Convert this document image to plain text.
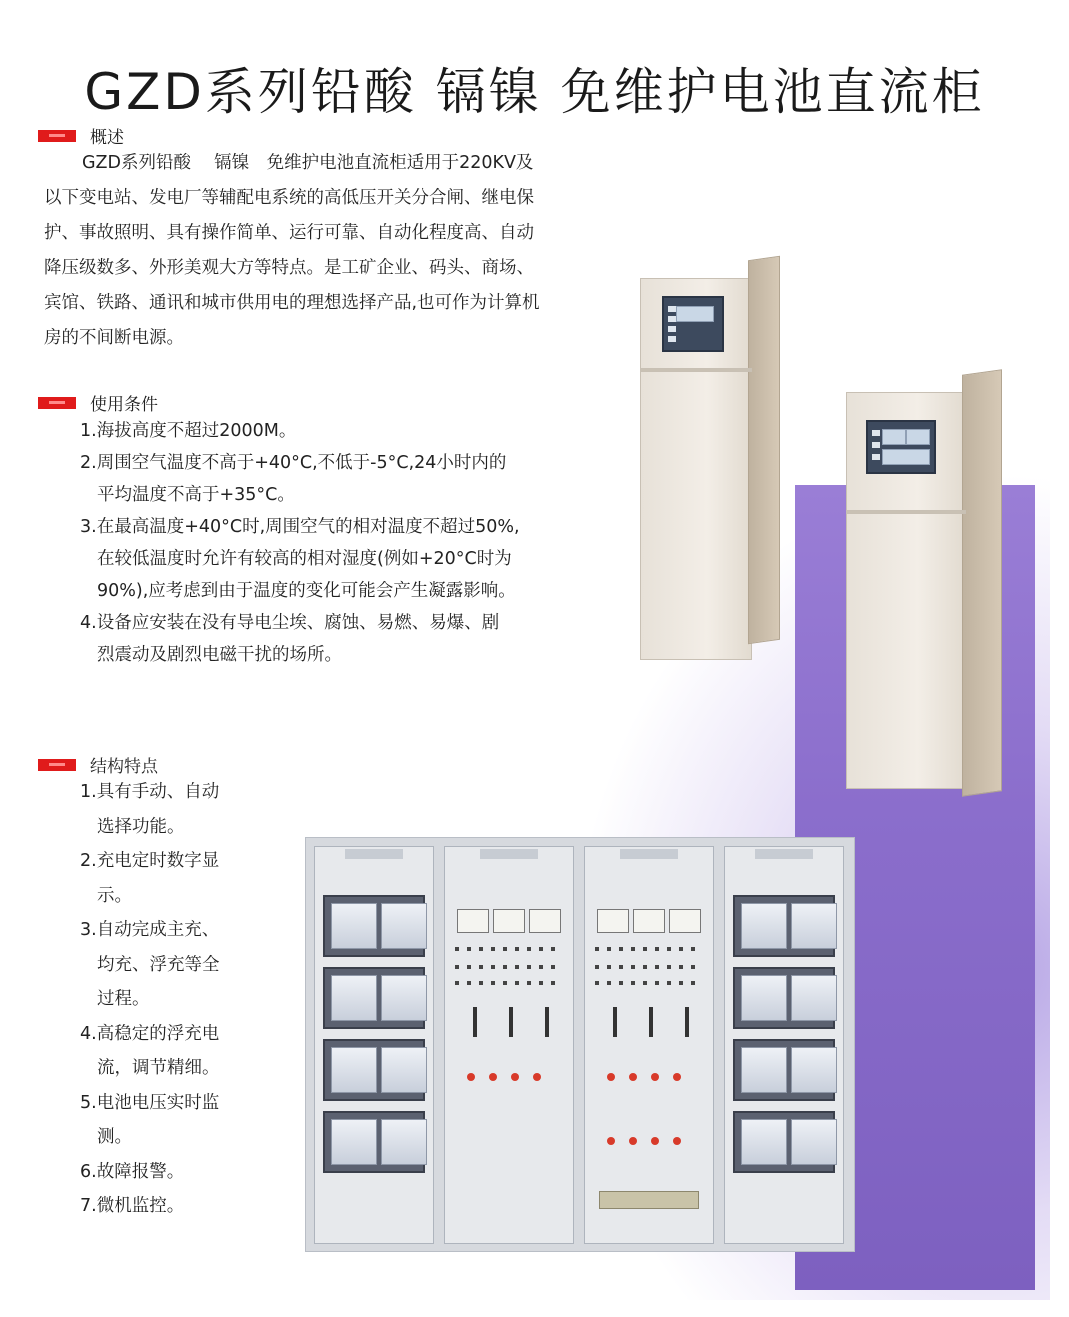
GZD系列铅酸 镉镍 免维护电池直流柜
概述
GZD系列铅酸　 镉镍　免维护电池直流柜适用于220KV及
以下变电站、发电厂等辅配电系统的高低压开关分合闸、继电保
护、事故照明、具有操作简单、运行可靠、自动化程度高、自动
降压级数多、外形美观大方等特点。是工矿企业、码头、商场、
宾馆、铁路、通讯和城市供用电的理想选择产品,也可作为计算机
房的不间断电源。
使用条件
1.海拔高度不超过2000M。
2.周围空气温度不高于+40°C,不低于-5°C,24小时内的
平均温度不高于+35°C。
3.在最高温度+40°C时,周围空气的相对温度不超过50%,
在较低温度时允许有较高的相对湿度(例如+20°C时为
90%),应考虑到由于温度的变化可能会产生凝露影响。
4.设备应安装在没有导电尘埃、腐蚀、易燃、易爆、剧
烈震动及剧烈电磁干扰的场所。
结构特点
1.具有手动、自动
选择功能。
2.充电定时数字显
示。
3.自动完成主充、
均充、浮充等全
过程。
4.高稳定的浮充电
流，调节精细。
5.电池电压实时监
测。
6.故障报警。
7.微机监控。
